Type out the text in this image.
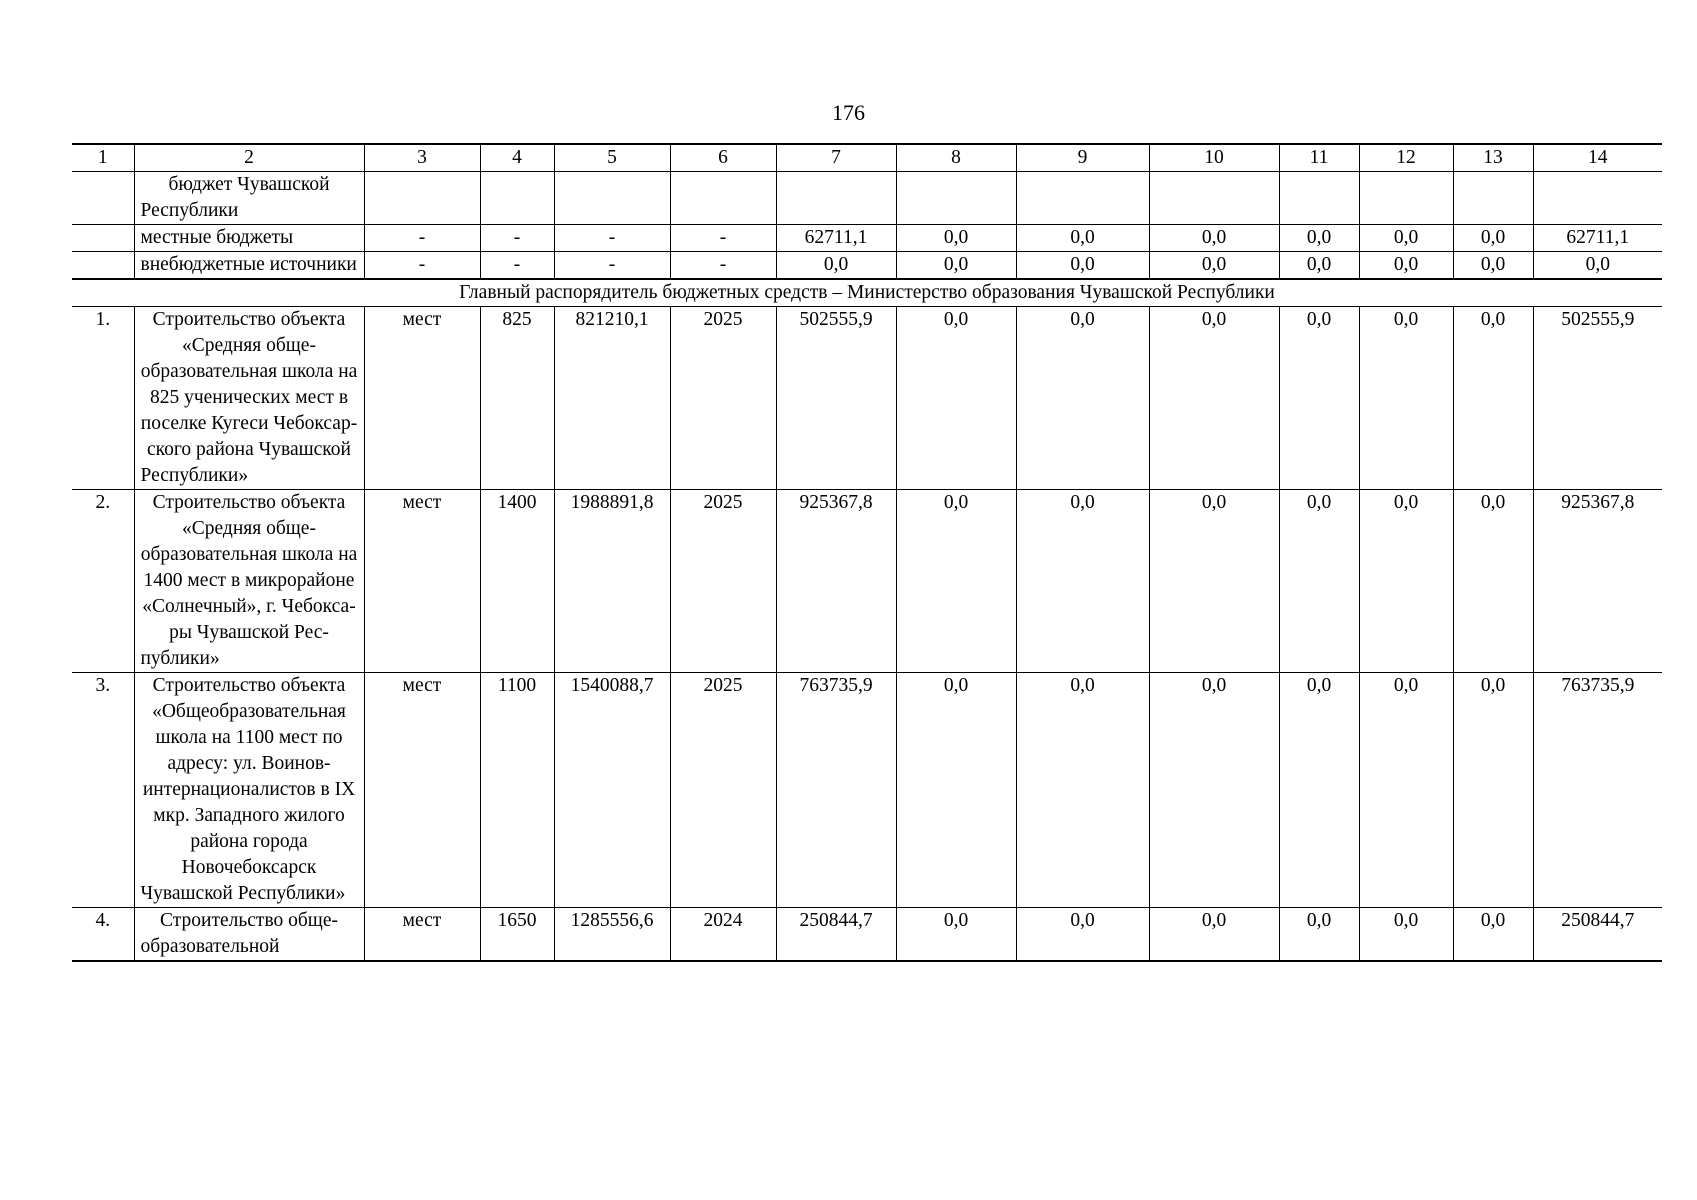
176
1	2	3	4	5	6	7	8	9	10	11	12	13	14
	бюджет Чувашской Республики												
	местные бюджеты	-	-	-	-	62711,1	0,0	0,0	0,0	0,0	0,0	0,0	62711,1
	внебюджетные источники	-	-	-	-	0,0	0,0	0,0	0,0	0,0	0,0	0,0	0,0
Главный распорядитель бюджетных средств – Министерство образования Чувашской Республики													
1.	Строительство объекта «Средняя общеобразовательная школа на 825 ученических мест в поселке Кугеси Чебоксарского района Чувашской Республики»	мест	825	821210,1	2025	502555,9	0,0	0,0	0,0	0,0	0,0	0,0	502555,9
2.	Строительство объекта «Средняя общеобразовательная школа на 1400 мест в микрорайоне «Солнечный», г. Чебоксары Чувашской Республики»	мест	1400	1988891,8	2025	925367,8	0,0	0,0	0,0	0,0	0,0	0,0	925367,8
3.	Строительство объекта «Общеобразовательная школа на 1100 мест по адресу: ул. Воинов-интернационалистов в IX мкр. Западного жилого района города Новочебоксарск Чувашской Республики»	мест	1100	1540088,7	2025	763735,9	0,0	0,0	0,0	0,0	0,0	0,0	763735,9
4.	Строительство общеобразовательной	мест	1650	1285556,6	2024	250844,7	0,0	0,0	0,0	0,0	0,0	0,0	250844,7
